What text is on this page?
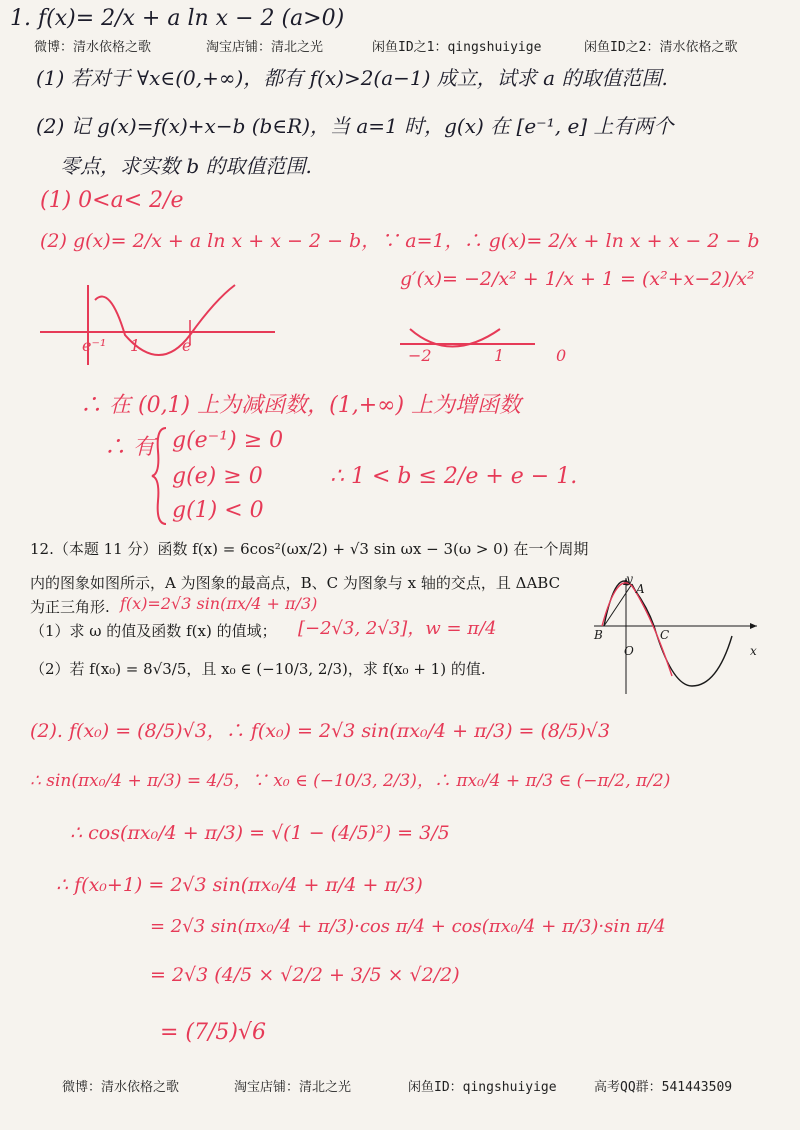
微博：清水依格之歌	淘宝店铺：清北之光	闲鱼ID之1：qingshuiyige	闲鱼ID之2：清水依格之歌
1. f(x)= 2/x + a ln x − 2 (a>0)
(1) 若对于 ∀x∈(0,+∞)，都有 f(x)>2(a−1) 成立，试求 a 的取值范围.
(2) 记 g(x)=f(x)+x−b (b∈R)，当 a=1 时，g(x) 在 [e⁻¹, e] 上有两个
零点，求实数 b 的取值范围.
(1) 0<a< 2/e
(2) g(x)= 2/x + a ln x + x − 2 − b，∵ a=1，∴ g(x)= 2/x + ln x + x − 2 − b
g′(x)= −2/x² + 1/x + 1 = (x²+x−2)/x²
e⁻¹ 1	e
−2	1	0
∴ 在 (0,1) 上为减函数，(1,+∞) 上为增函数
∴ 有 g(e⁻¹) ≥ 0
g(e) ≥ 0
g(1) < 0
∴ 1 < b ≤ 2/e + e − 1.
12.（本题 11 分）函数 f(x) = 6cos²(ωx/2) + √3 sin ωx − 3(ω > 0) 在一个周期
内的图象如图所示，A 为图象的最高点，B、C 为图象与 x 轴的交点，且 ΔABC
为正三角形. f(x)=2√3 sin(πx/4 + π/3)
（1）求 ω 的值及函数 f(x) 的值域； [−2√3, 2√3]，w = π/4
（2）若 f(x₀) = 8√3/5，且 x₀ ∈ (−10/3, 2/3)，求 f(x₀ + 1) 的值.
y
A
B
O
C
x
(2). f(x₀) = (8/5)√3，∴ f(x₀) = 2√3 sin(πx₀/4 + π/3) = (8/5)√3
∴ sin(πx₀/4 + π/3) = 4/5，∵ x₀ ∈ (−10/3, 2/3)，∴ πx₀/4 + π/3 ∈ (−π/2, π/2)
∴ cos(πx₀/4 + π/3) = √(1 − (4/5)²) = 3/5
∴ f(x₀+1) = 2√3 sin(πx₀/4 + π/4 + π/3)
= 2√3 sin(πx₀/4 + π/3)·cos π/4 + cos(πx₀/4 + π/3)·sin π/4
= 2√3 (4/5 × √2/2 + 3/5 × √2/2)
= (7/5)√6
微博：清水依格之歌	淘宝店铺：清北之光	闲鱼ID：qingshuiyige	高考QQ群：541443509
